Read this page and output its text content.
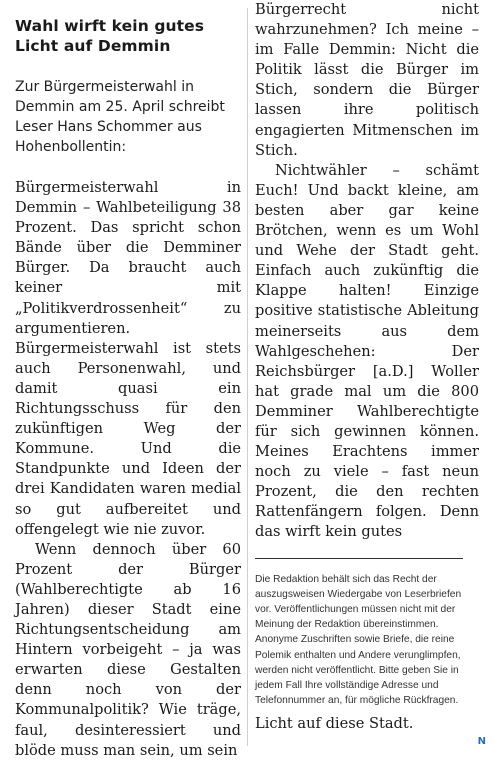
Wahl wirft kein gutes Licht auf Demmin
Zur Bürgermeisterwahl in Demmin am 25. April schreibt Leser Hans Schommer aus Hohenbollentin:

Bürgermeisterwahl in Demmin – Wahlbeteiligung 38 Prozent. Das spricht schon Bände über die Demminer Bürger. Da braucht auch keiner mit „Politikverdrossenheit“ zu argumentieren. Bürgermeisterwahl ist stets auch Personenwahl, und damit quasi ein Richtungsschuss für den zukünftigen Weg der Kommune. Und die Standpunkte und Ideen der drei Kandidaten waren medial so gut aufbereitet und offengelegt wie nie zuvor.

Wenn dennoch über 60 Prozent der Bürger (Wahlberechtigte ab 16 Jahren) dieser Stadt eine Richtungsentscheidung am Hintern vorbeigeht – ja was erwarten diese Gestalten denn noch von der Kommunalpolitik? Wie träge, faul, desinteressiert und blöde muss man sein, um sein

Bürgerrecht nicht wahrzunehmen? Ich meine – im Falle Demmin: Nicht die Politik lässt die Bürger im Stich, sondern die Bürger lassen ihre politisch engagierten Mitmenschen im Stich.

Nichtwähler – schämt Euch! Und backt kleine, am besten aber gar keine Brötchen, wenn es um Wohl und Wehe der Stadt geht. Einfach auch zukünftig die Klappe halten! Einzige positive statistische Ableitung meinerseits aus dem Wahlgeschehen: Der Reichsbürger [a.D.] Woller hat grade mal um die 800 Demminer Wahlberechtigte für sich gewinnen können. Meines Erachtens immer noch zu viele – fast neun Prozent, die den rechten Rattenfängern folgen. Denn das wirft kein gutes

Die Redaktion behält sich das Recht der auszugsweisen Wiedergabe von Leserbriefen vor. Veröffentlichungen müssen nicht mit der Meinung der Redaktion übereinstimmen. Anonyme Zuschriften sowie Briefe, die reine Polemik enthalten und Andere verunglimpfen, werden nicht veröffentlicht. Bitte geben Sie in jedem Fall Ihre vollständige Adresse und Telefonnummer an, für mögliche Rückfragen.
Licht auf diese Stadt.
N
